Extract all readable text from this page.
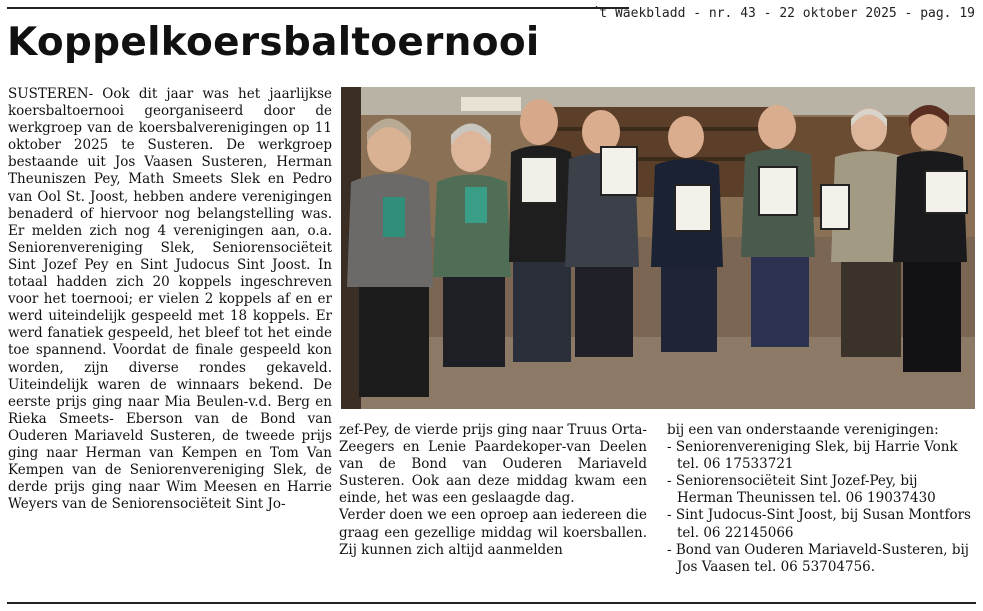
´t Waekbladd - nr. 43 - 22 oktober 2025 - pag. 19
Koppelkoersbaltoernooi

SUSTEREN- Ook dit jaar was het jaarlijkse koersbaltoernooi georganiseerd door de werkgroep van de koersbalverenigingen op 11 oktober 2025 te Susteren. De werkgroep bestaande uit Jos Vaasen Susteren, Herman Theuniszen Pey, Math Smeets Slek en Pedro van Ool St. Joost, hebben andere verenigingen benaderd of hiervoor nog belangstelling was. Er melden zich nog 4 verenigingen aan, o.a. Seniorenvereniging Slek, Seniorensociëteit Sint Jozef Pey en Sint Judocus Sint Joost. In totaal hadden zich 20 koppels ingeschreven voor het toernooi; er vielen 2 koppels af en er werd uiteindelijk gespeeld met 18 koppels. Er werd fanatiek gespeeld, het bleef tot het einde toe spannend. Voordat de finale gespeeld kon worden, zijn diverse rondes gekaveld. Uiteindelijk waren de winnaars bekend. De eerste prijs ging naar Mia Beulen-v.d. Berg en Rieka Smeets- Eberson van de Bond van Ouderen Mariaveld Susteren, de tweede prijs ging naar Herman van Kempen en Tom Van Kempen van de Seniorenvereniging Slek, de derde prijs ging naar Wim Meesen en Harrie Weyers van de Seniorensociëteit Sint Jo-

zef-Pey, de vierde prijs ging naar Truus Orta-Zeegers en Lenie Paardekoper-van Deelen van de Bond van Ouderen Mariaveld Susteren. Ook aan deze middag kwam een einde, het was een geslaagde dag.

Verder doen we een oproep aan iedereen die graag een gezellige middag wil koersballen. Zij kunnen zich altijd aanmelden

bij een van onderstaande verenigingen:

- Seniorenvereniging Slek, bij Harrie Vonk tel. 06 17533721
- Seniorensociëteit Sint Jozef-Pey, bij Herman Theunissen tel. 06 19037430
- Sint Judocus-Sint Joost, bij Susan Montfors tel. 06 22145066
- Bond van Ouderen Mariaveld-Susteren, bij Jos Vaasen tel. 06 53704756.
